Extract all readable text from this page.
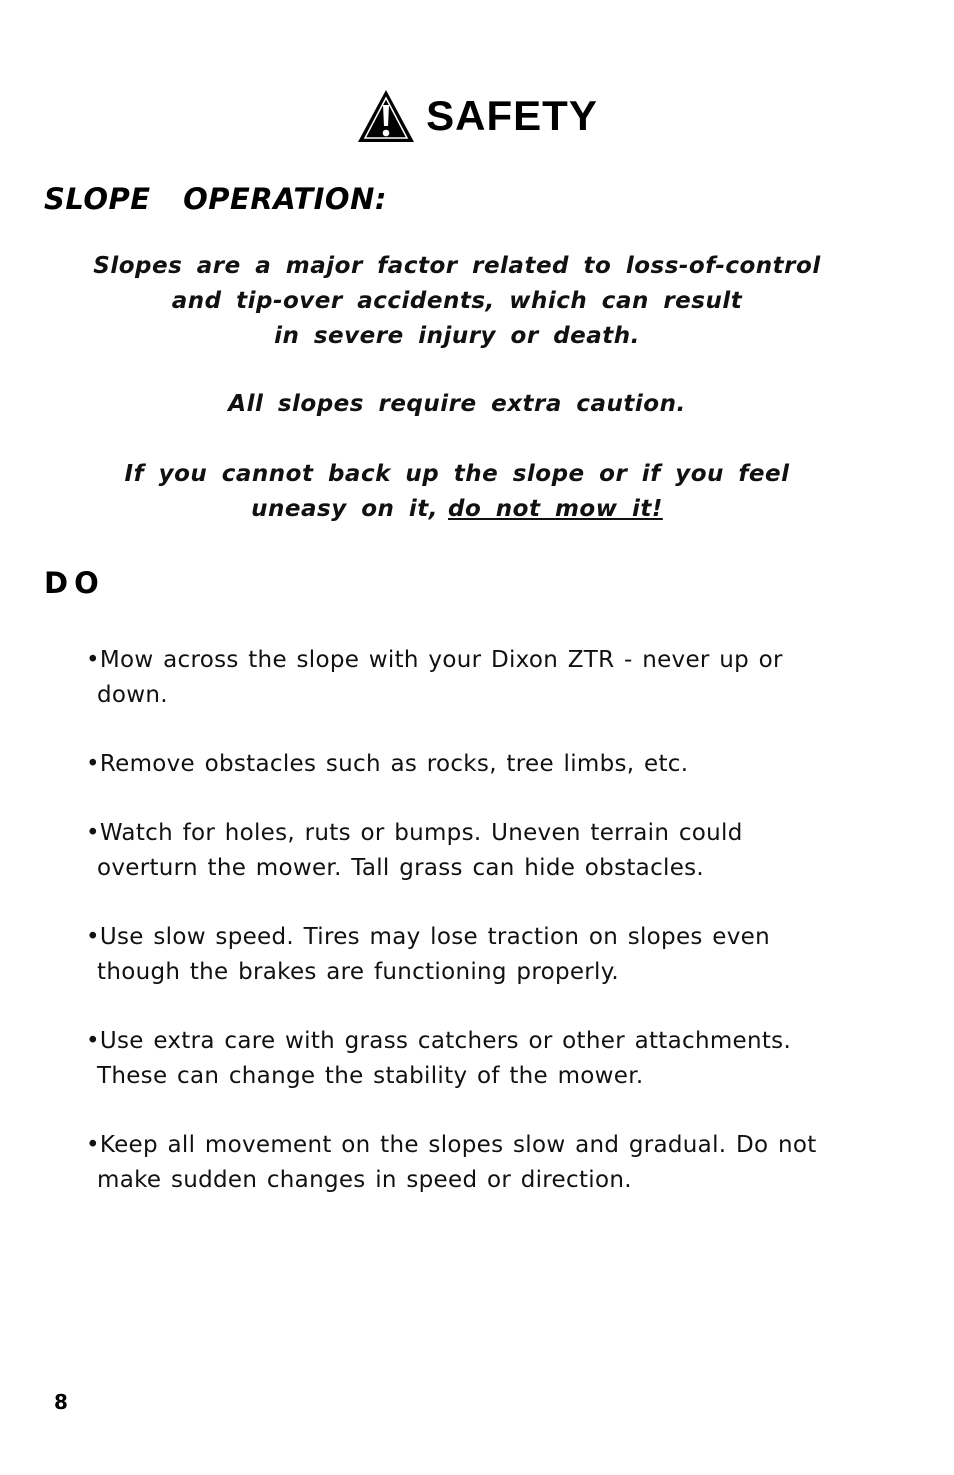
SAFETY
SLOPE OPERATION:

Slopes are a major factor related to loss-of-control
and tip-over accidents, which can result
in severe injury or death.

All slopes require extra caution.

If you cannot back up the slope or if you feel
uneasy on it, do not mow it!

DO
•Mow across the slope with your Dixon ZTR - never up or down.
•Remove obstacles such as rocks, tree limbs, etc.
•Watch for holes, ruts or bumps. Uneven terrain could overturn the mower. Tall grass can hide obstacles.
•Use slow speed. Tires may lose traction on slopes even though the brakes are functioning properly.
•Use extra care with grass catchers or other attachments. These can change the stability of the mower.
•Keep all movement on the slopes slow and gradual. Do not make sudden changes in speed or direction.
8
